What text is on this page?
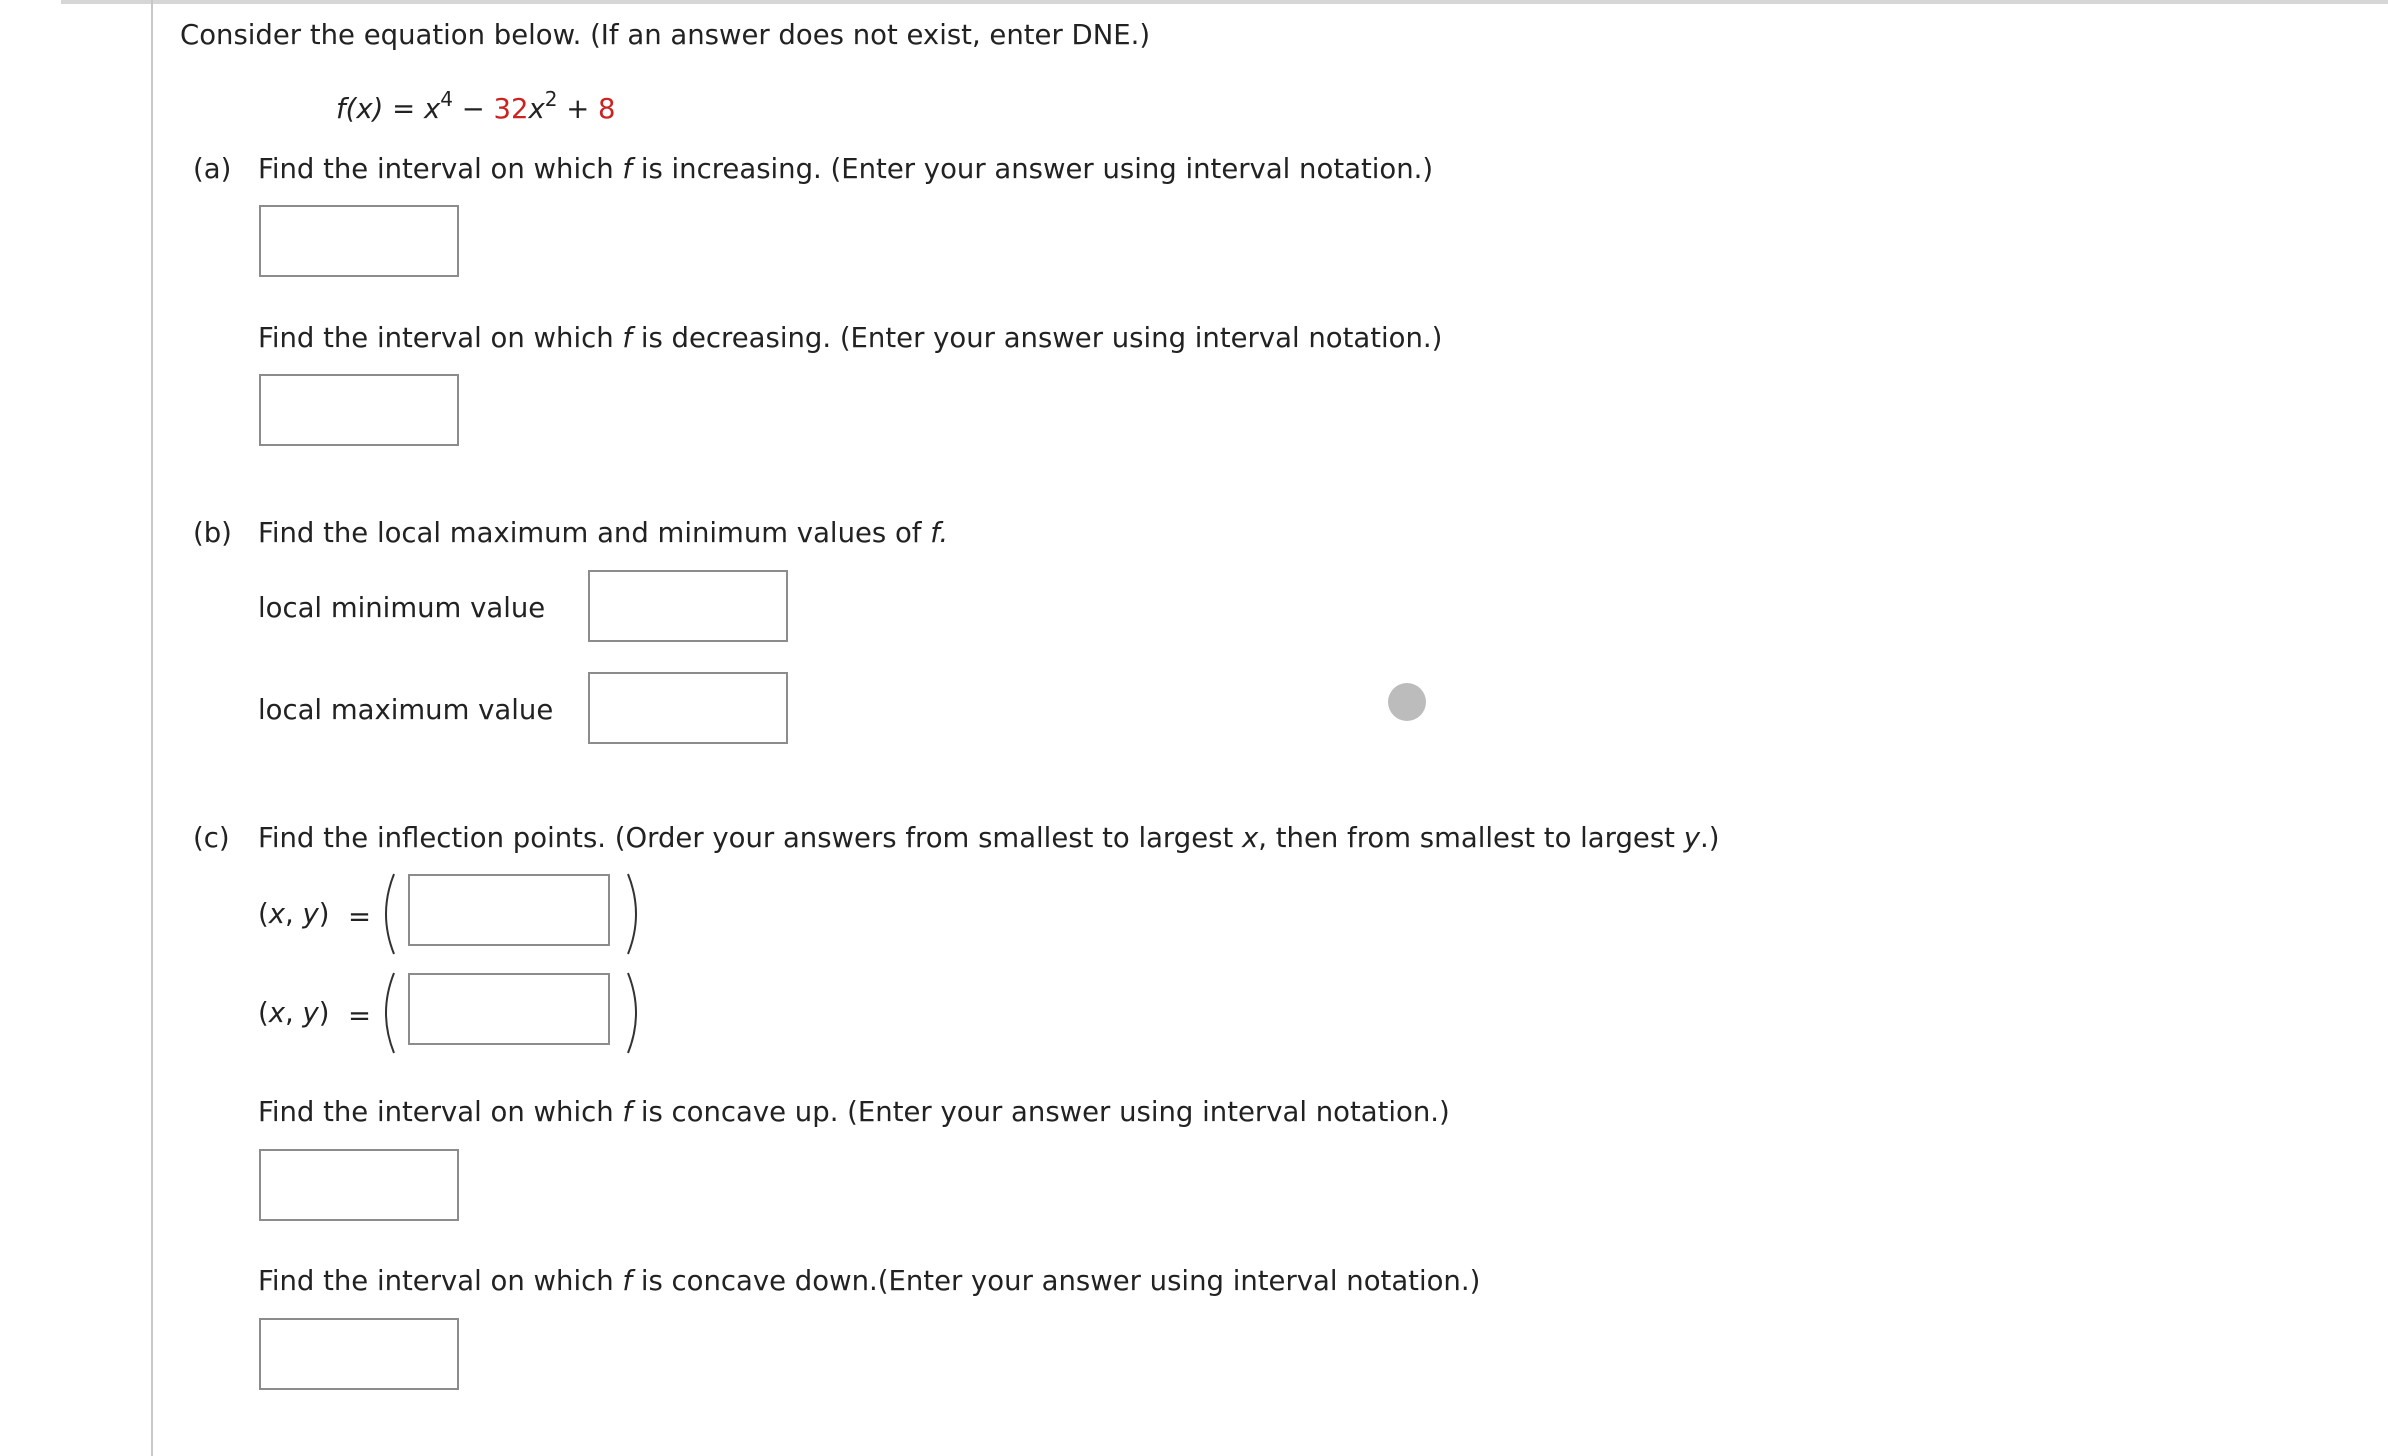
Consider the equation below. (If an answer does not exist, enter DNE.)
$f(x) = x^4 - 32x^2 + 8$
(a) Find the interval on which f is increasing. (Enter your answer using interval notation.)
Find the interval on which f is decreasing. (Enter your answer using interval notation.)
(b) Find the local maximum and minimum values of f.
local minimum value
local maximum value
(c) Find the inflection points. (Order your answers from smallest to largest x, then from smallest to largest y.)
(x, y) =
(x, y) =
Find the interval on which f is concave up. (Enter your answer using interval notation.)
Find the interval on which f is concave down.(Enter your answer using interval notation.)
